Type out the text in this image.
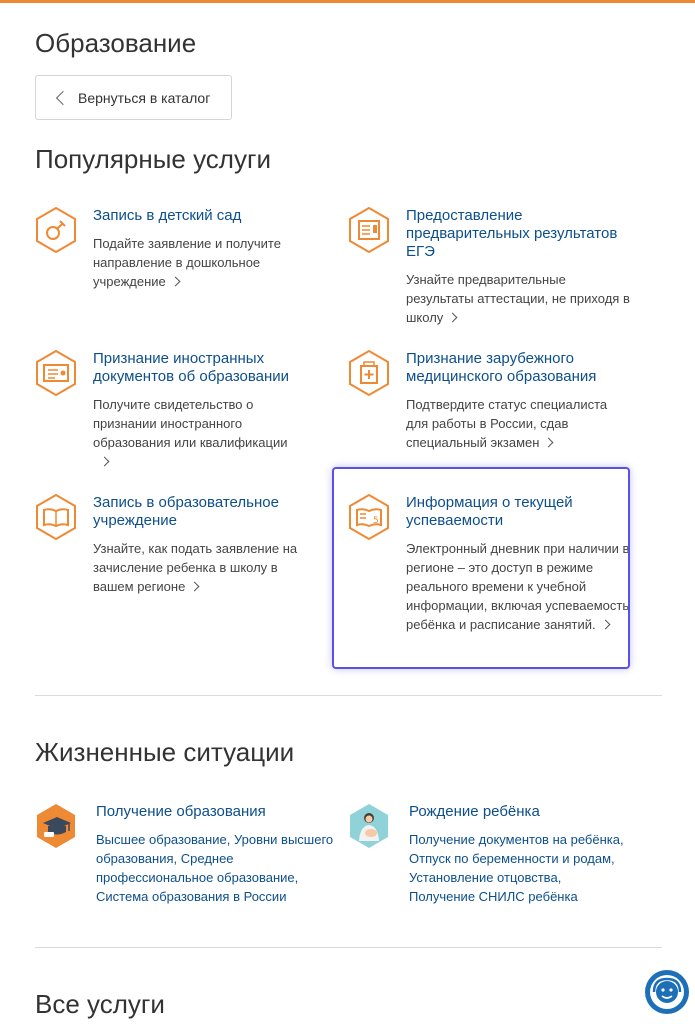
Образование
Вернуться в каталог
Популярные услуги
Запись в детский сад
Подайте заявление и получите направление в дошкольное учреждение
Предоставление предварительных результатов ЕГЭ
Узнайте предварительные результаты аттестации, не приходя в школу
Признание иностранных документов об образовании
Получите свидетельство о признании иностранного образования или квалификации

Признание зарубежного медицинского образования
Подтвердите статус специалиста для работы в России, сдав специальный экзамен
Запись в образовательное учреждение
Узнайте, как подать заявление на зачисление ребенка в школу в вашем регионе
5
Информация о текущей успеваемости
Электронный дневник при наличии в регионе – это доступ в режиме реального времени к учебной информации, включая успеваемость ребёнка и расписание занятий.
Жизненные ситуации
Получение образования
Высшее образование, Уровни высшего образования, Среднее профессиональное образование, Система образования в России
Рождение ребёнка
Получение документов на ребёнка,
Отпуск по беременности и родам,
Установление отцовства,
Получение СНИЛС ребёнка
Все услуги
